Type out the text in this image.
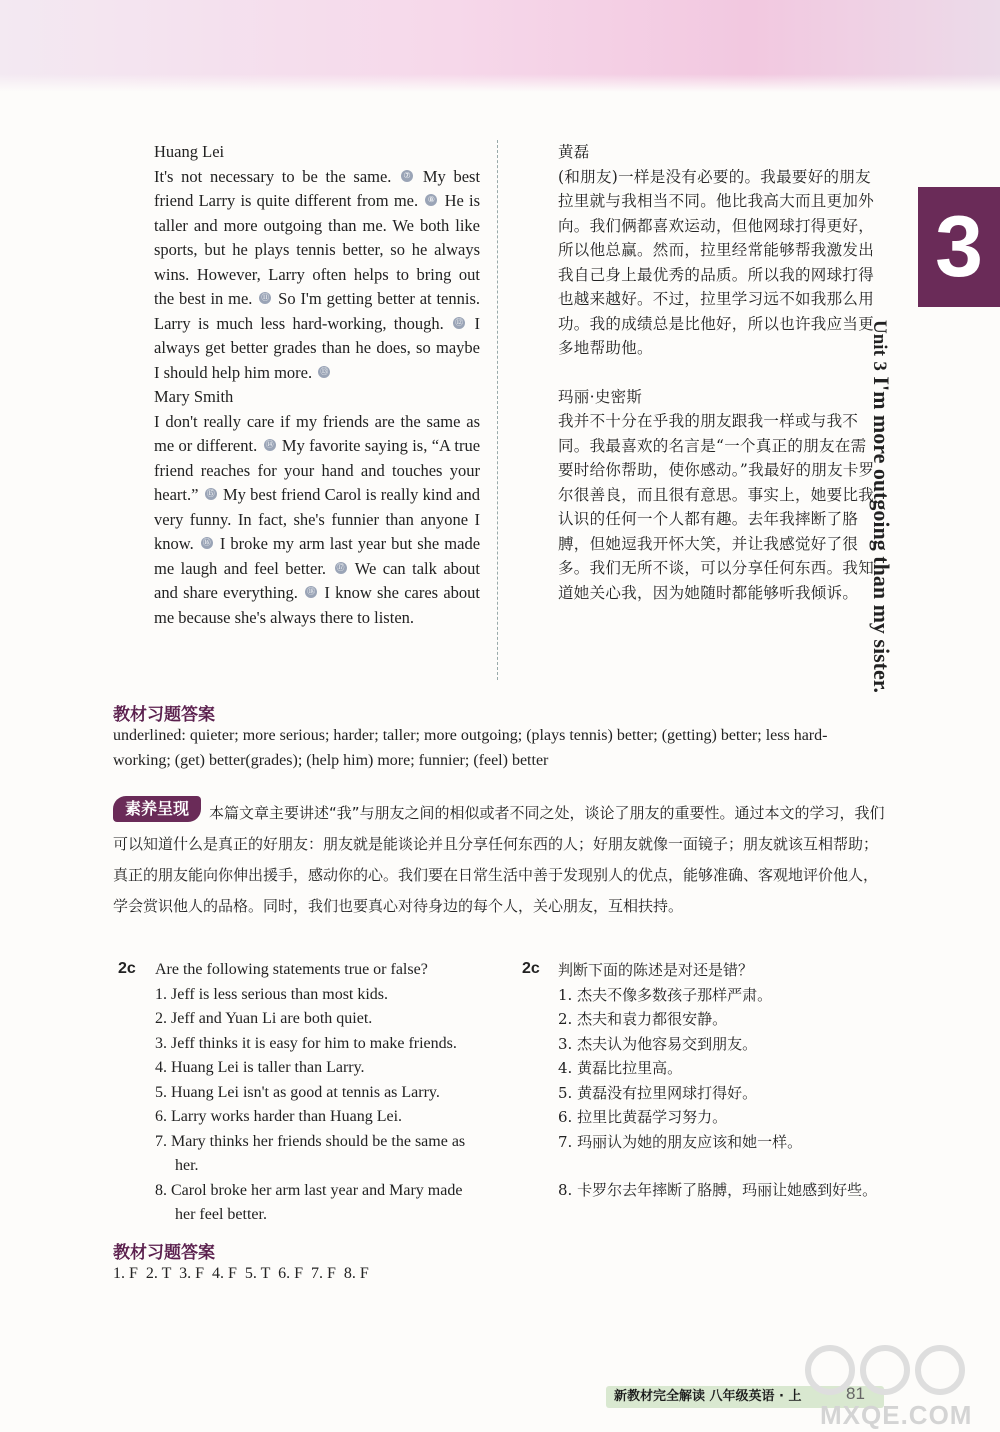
3
Unit 3 I'm more outgoing than my sister.
Huang Lei

It's not necessary to be the same. ⑦ My best friend Larry is quite different from me. ⑧ He is taller and more outgoing than me. We both like sports, but he plays tennis better, so he always wins. However, Larry often helps to bring out the best in me. ⑪ So I'm getting better at tennis. Larry is much less hard-working, though. ⑫ I always get better grades than he does, so maybe I should help him more. ⑬

Mary Smith

I don't really care if my friends are the same as me or different. ⑭ My favorite saying is, “A true friend reaches for your hand and touches your heart.” ⑮ My best friend Carol is really kind and very funny. In fact, she's funnier than anyone I know. ⑯ I broke my arm last year but she made me laugh and feel better. ⑰ We can talk about and share everything. ⑱ I know she cares about me because she's always there to listen.

黄磊

(和朋友)一样是没有必要的。我最要好的朋友拉里就与我相当不同。他比我高大而且更加外向。我们俩都喜欢运动，但他网球打得更好，所以他总赢。然而，拉里经常能够帮我激发出我自己身上最优秀的品质。所以我的网球打得也越来越好。不过，拉里学习远不如我那么用功。我的成绩总是比他好，所以也许我应当更多地帮助他。

玛丽·史密斯

我并不十分在乎我的朋友跟我一样或与我不同。我最喜欢的名言是“一个真正的朋友在需要时给你帮助，使你感动。”我最好的朋友卡罗尔很善良，而且很有意思。事实上，她要比我认识的任何一个人都有趣。去年我摔断了胳膊，但她逗我开怀大笑，并让我感觉好了很多。我们无所不谈，可以分享任何东西。我知道她关心我，因为她随时都能够听我倾诉。

教材习题答案
underlined: quieter; more serious; harder; taller; more outgoing; (plays tennis) better; (getting) better; less hard-working; (get) better(grades); (help him) more; funnier; (feel) better
本篇文章主要讲述“我”与朋友之间的相似或者不同之处，谈论了朋友的重要性。通过本文的学习，我们可以知道什么是真正的好朋友：朋友就是能谈论并且分享任何东西的人；好朋友就像一面镜子；朋友就该互相帮助；真正的朋友能向你伸出援手，感动你的心。我们要在日常生活中善于发现别人的优点，能够准确、客观地评价他人，学会赏识他人的品格。同时，我们也要真心对待身边的每个人，关心朋友，互相扶持。
素养呈现
2c Are the following statements true or false?
1. Jeff is less serious than most kids.
2. Jeff and Yuan Li are both quiet.
3. Jeff thinks it is easy for him to make friends.
4. Huang Lei is taller than Larry.
5. Huang Lei isn't as good at tennis as Larry.
6. Larry works harder than Huang Lei.
7. Mary thinks her friends should be the same as her.
8. Carol broke her arm last year and Mary made her feel better.
2c 判断下面的陈述是对还是错？
1. 杰夫不像多数孩子那样严肃。
2. 杰夫和袁力都很安静。
3. 杰夫认为他容易交到朋友。
4. 黄磊比拉里高。
5. 黄磊没有拉里网球打得好。
6. 拉里比黄磊学习努力。
7. 玛丽认为她的朋友应该和她一样。
8. 卡罗尔去年摔断了胳膊，玛丽让她感到好些。
教材习题答案
1. F  2. T  3. F  4. F  5. T  6. F  7. F  8. F
新教材完全解读 八年级英语 · 上	81
MXQE.COM
